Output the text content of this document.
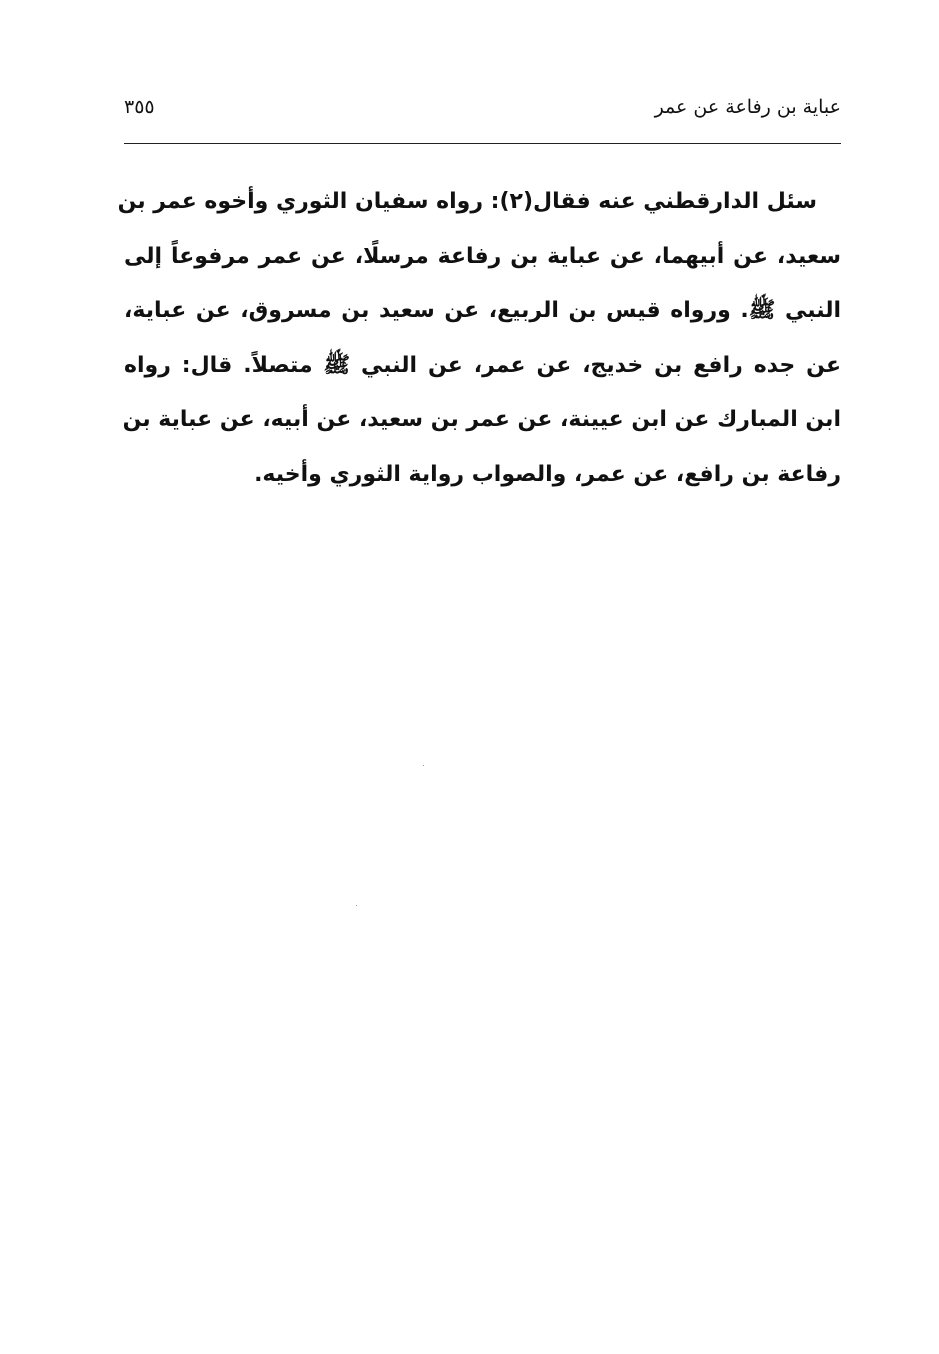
عباية بن رفاعة عن عمر
٣٥٥
سئل الدارقطني عنه فقال(٢): رواه سفيان الثوري وأخوه عمر بن
سعيد، عن أبيهما، عن عباية بن رفاعة مرسلًا، عن عمر مرفوعاً إلى
النبي ﷺ. ورواه قيس بن الربيع، عن سعيد بن مسروق، عن عباية،
عن جده رافع بن خديج، عن عمر، عن النبي ﷺ متصلاً. قال: رواه
ابن المبارك عن ابن عيينة، عن عمر بن سعيد، عن أبيه، عن عباية بن
رفاعة بن رافع، عن عمر، والصواب رواية الثوري وأخيه.
